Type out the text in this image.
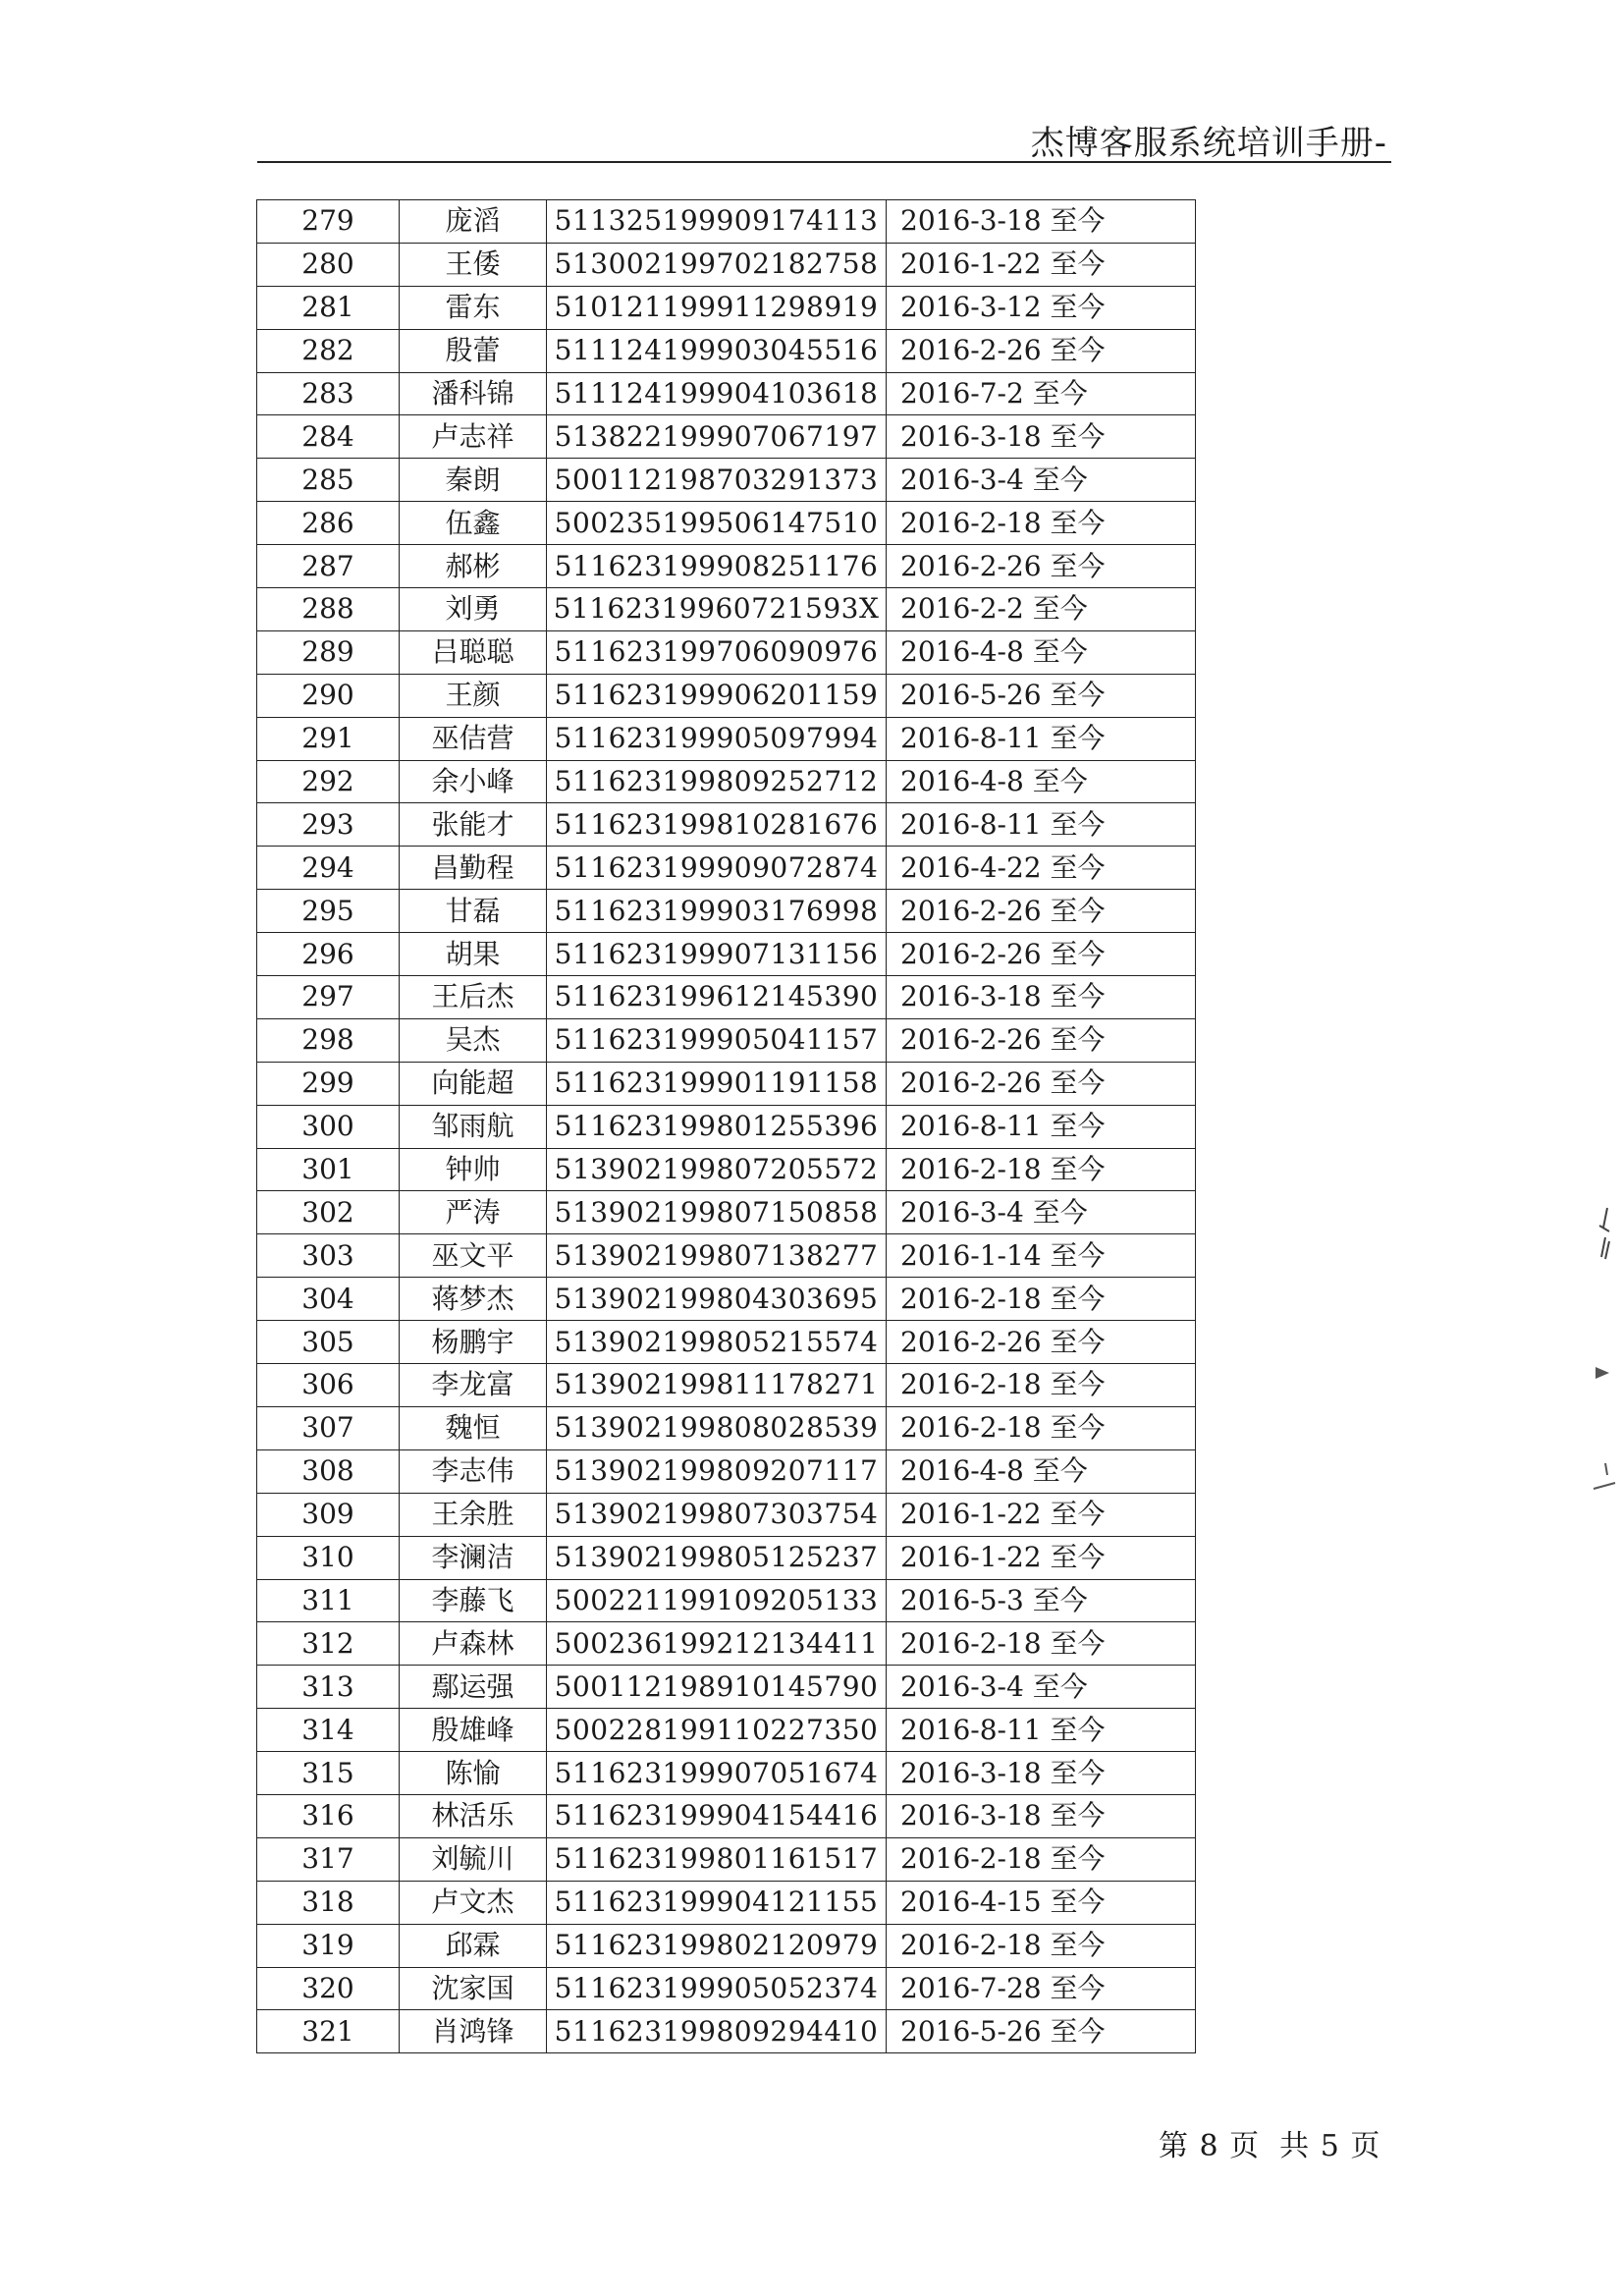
杰博客服系统培训手册-
279	庞滔	511325199909174113	2016-3-18 至今
280	王倭	513002199702182758	2016-1-22 至今
281	雷东	510121199911298919	2016-3-12 至今
282	殷蕾	511124199903045516	2016-2-26 至今
283	潘科锦	511124199904103618	2016-7-2 至今
284	卢志祥	513822199907067197	2016-3-18 至今
285	秦朗	500112198703291373	2016-3-4 至今
286	伍鑫	500235199506147510	2016-2-18 至今
287	郝彬	511623199908251176	2016-2-26 至今
288	刘勇	51162319960721593X	2016-2-2 至今
289	吕聪聪	511623199706090976	2016-4-8 至今
290	王颜	511623199906201159	2016-5-26 至今
291	巫佶营	511623199905097994	2016-8-11 至今
292	余小峰	511623199809252712	2016-4-8 至今
293	张能才	511623199810281676	2016-8-11 至今
294	昌勤程	511623199909072874	2016-4-22 至今
295	甘磊	511623199903176998	2016-2-26 至今
296	胡果	511623199907131156	2016-2-26 至今
297	王后杰	511623199612145390	2016-3-18 至今
298	吴杰	511623199905041157	2016-2-26 至今
299	向能超	511623199901191158	2016-2-26 至今
300	邹雨航	511623199801255396	2016-8-11 至今
301	钟帅	513902199807205572	2016-2-18 至今
302	严涛	513902199807150858	2016-3-4 至今
303	巫文平	513902199807138277	2016-1-14 至今
304	蒋梦杰	513902199804303695	2016-2-18 至今
305	杨鹏宇	513902199805215574	2016-2-26 至今
306	李龙富	513902199811178271	2016-2-18 至今
307	魏恒	513902199808028539	2016-2-18 至今
308	李志伟	513902199809207117	2016-4-8 至今
309	王余胜	513902199807303754	2016-1-22 至今
310	李澜洁	513902199805125237	2016-1-22 至今
311	李藤飞	500221199109205133	2016-5-3 至今
312	卢森林	500236199212134411	2016-2-18 至今
313	鄢运强	500112198910145790	2016-3-4 至今
314	殷雄峰	500228199110227350	2016-8-11 至今
315	陈愉	511623199907051674	2016-3-18 至今
316	林活乐	511623199904154416	2016-3-18 至今
317	刘毓川	511623199801161517	2016-2-18 至今
318	卢文杰	511623199904121155	2016-4-15 至今
319	邱霖	511623199802120979	2016-2-18 至今
320	沈家国	511623199905052374	2016-7-28 至今
321	肖鸿锋	511623199809294410	2016-5-26 至今
第 8 页 共 5 页
